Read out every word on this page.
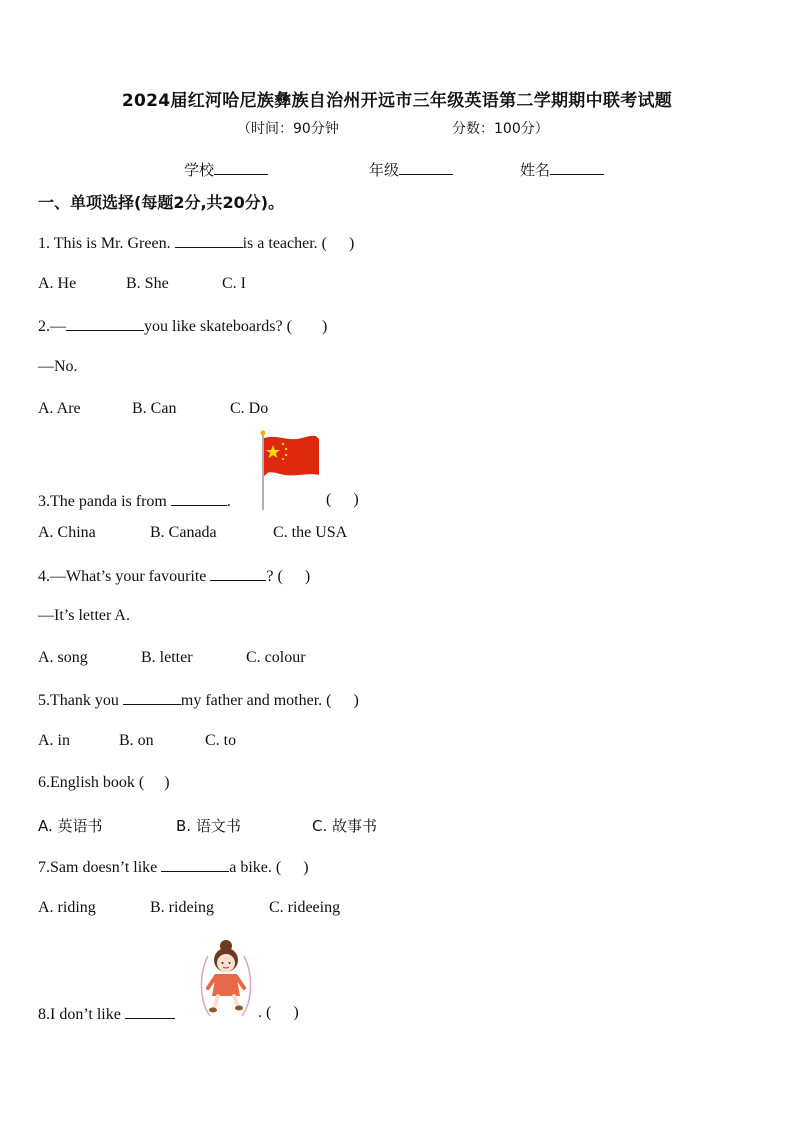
2024届红河哈尼族彝族自治州开远市三年级英语第二学期期中联考试题
（时间：90分钟	分数：100分）
学校	年级	姓名
一、单项选择(每题2分,共20分)。
1. This is Mr. Green.	is a teacher. ( )
A. He	B. She	C. I
2.—	you like skateboards? ( )
—No.
A. Are	B. Can	C. Do
3.The panda is from	.	( )
A. China	B. Canada	C. the USA
4.—What’s your favourite	? ( )
—It’s letter A.
A. song	B. letter	C. colour
5.Thank you	my father and mother. ( )
A. in	B. on	C. to
6.English book ( )
A. 英语书	B. 语文书	C. 故事书
7.Sam doesn’t like	a bike. ( )
A. riding	B. rideing	C. rideeing
8.I don’t like	. ( )
